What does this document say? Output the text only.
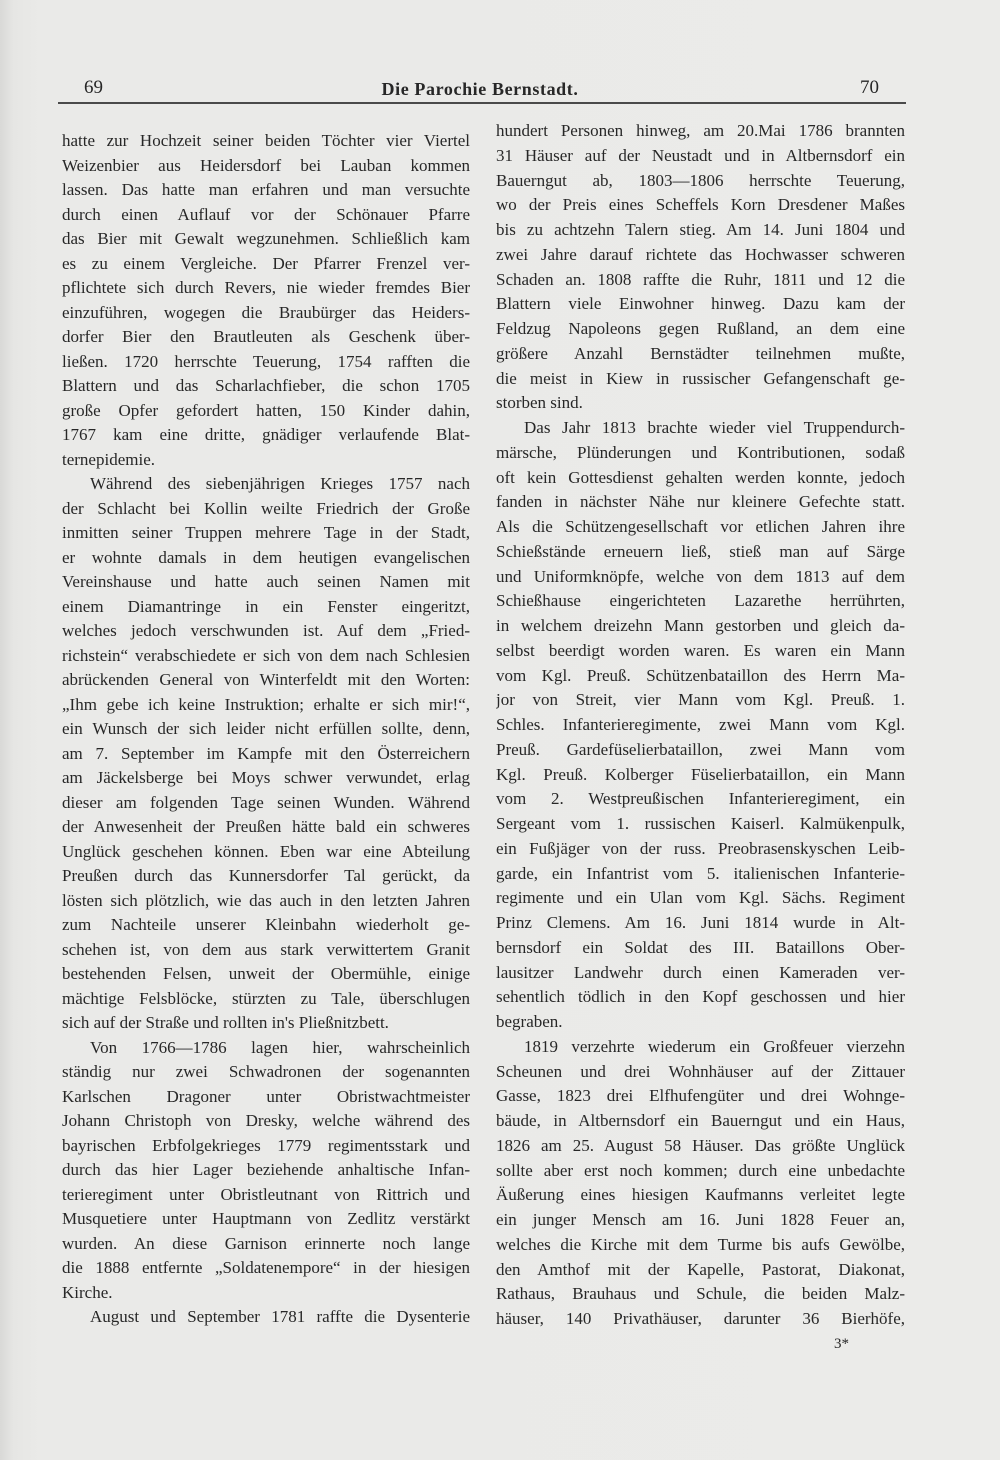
69	Die Parochie Bernstadt.	70
hatte zur Hochzeit seiner beiden Töchter vier Viertel
Weizenbier aus Heidersdorf bei Lauban kommen
lassen. Das hatte man erfahren und man versuchte
durch einen Auflauf vor der Schönauer Pfarre
das Bier mit Gewalt wegzunehmen. Schließlich kam
es zu einem Vergleiche. Der Pfarrer Frenzel ver-
pflichtete sich durch Revers, nie wieder fremdes Bier
einzuführen, wogegen die Braubürger das Heiders-
dorfer Bier den Brautleuten als Geschenk über-
ließen. 1720 herrschte Teuerung, 1754 rafften die
Blattern und das Scharlachfieber, die schon 1705
große Opfer gefordert hatten, 150 Kinder dahin,
1767 kam eine dritte, gnädiger verlaufende Blat-
ternepidemie.
Während des siebenjährigen Krieges 1757 nach
der Schlacht bei Kollin weilte Friedrich der Große
inmitten seiner Truppen mehrere Tage in der Stadt,
er wohnte damals in dem heutigen evangelischen
Vereinshause und hatte auch seinen Namen mit
einem Diamantringe in ein Fenster eingeritzt,
welches jedoch verschwunden ist. Auf dem „Fried-
richstein“ verabschiedete er sich von dem nach Schlesien
abrückenden General von Winterfeldt mit den Worten:
„Ihm gebe ich keine Instruktion; erhalte er sich mir!“,
ein Wunsch der sich leider nicht erfüllen sollte, denn,
am 7. September im Kampfe mit den Österreichern
am Jäckelsberge bei Moys schwer verwundet, erlag
dieser am folgenden Tage seinen Wunden. Während
der Anwesenheit der Preußen hätte bald ein schweres
Unglück geschehen können. Eben war eine Abteilung
Preußen durch das Kunnersdorfer Tal gerückt, da
lösten sich plötzlich, wie das auch in den letzten Jahren
zum Nachteile unserer Kleinbahn wiederholt ge-
schehen ist, von dem aus stark verwittertem Granit
bestehenden Felsen, unweit der Obermühle, einige
mächtige Felsblöcke, stürzten zu Tale, überschlugen
sich auf der Straße und rollten in's Pließnitzbett.
Von 1766—1786 lagen hier, wahrscheinlich
ständig nur zwei Schwadronen der sogenannten
Karlschen Dragoner unter Obristwachtmeister
Johann Christoph von Dresky, welche während des
bayrischen Erbfolgekrieges 1779 regimentsstark und
durch das hier Lager beziehende anhaltische Infan-
terieregiment unter Obristleutnant von Rittrich und
Musquetiere unter Hauptmann von Zedlitz verstärkt
wurden. An diese Garnison erinnerte noch lange
die 1888 entfernte „Soldatenempore“ in der hiesigen
Kirche.
August und September 1781 raffte die Dysenterie
hundert Personen hinweg, am 20.Mai 1786 brannten
31 Häuser auf der Neustadt und in Altbernsdorf ein
Bauerngut ab, 1803—1806 herrschte Teuerung,
wo der Preis eines Scheffels Korn Dresdener Maßes
bis zu achtzehn Talern stieg. Am 14. Juni 1804 und
zwei Jahre darauf richtete das Hochwasser schweren
Schaden an. 1808 raffte die Ruhr, 1811 und 12 die
Blattern viele Einwohner hinweg. Dazu kam der
Feldzug Napoleons gegen Rußland, an dem eine
größere Anzahl Bernstädter teilnehmen mußte,
die meist in Kiew in russischer Gefangenschaft ge-
storben sind.
Das Jahr 1813 brachte wieder viel Truppendurch-
märsche, Plünderungen und Kontributionen, sodaß
oft kein Gottesdienst gehalten werden konnte, jedoch
fanden in nächster Nähe nur kleinere Gefechte statt.
Als die Schützengesellschaft vor etlichen Jahren ihre
Schießstände erneuern ließ, stieß man auf Särge
und Uniformknöpfe, welche von dem 1813 auf dem
Schießhause eingerichteten Lazarethe herrührten,
in welchem dreizehn Mann gestorben und gleich da-
selbst beerdigt worden waren. Es waren ein Mann
vom Kgl. Preuß. Schützenbataillon des Herrn Ma-
jor von Streit, vier Mann vom Kgl. Preuß. 1.
Schles. Infanterieregimente, zwei Mann vom Kgl.
Preuß. Gardefüselierbataillon, zwei Mann vom
Kgl. Preuß. Kolberger Füselierbataillon, ein Mann
vom 2. Westpreußischen Infanterieregiment, ein
Sergeant vom 1. russischen Kaiserl. Kalmükenpulk,
ein Fußjäger von der russ. Preobrasenskyschen Leib-
garde, ein Infantrist vom 5. italienischen Infanterie-
regimente und ein Ulan vom Kgl. Sächs. Regiment
Prinz Clemens. Am 16. Juni 1814 wurde in Alt-
bernsdorf ein Soldat des III. Bataillons Ober-
lausitzer Landwehr durch einen Kameraden ver-
sehentlich tödlich in den Kopf geschossen und hier
begraben.
1819 verzehrte wiederum ein Großfeuer vierzehn
Scheunen und drei Wohnhäuser auf der Zittauer
Gasse, 1823 drei Elfhufengüter und drei Wohnge-
bäude, in Altbernsdorf ein Bauerngut und ein Haus,
1826 am 25. August 58 Häuser. Das größte Unglück
sollte aber erst noch kommen; durch eine unbedachte
Äußerung eines hiesigen Kaufmanns verleitet legte
ein junger Mensch am 16. Juni 1828 Feuer an,
welches die Kirche mit dem Turme bis aufs Gewölbe,
den Amthof mit der Kapelle, Pastorat, Diakonat,
Rathaus, Brauhaus und Schule, die beiden Malz-
häuser, 140 Privathäuser, darunter 36 Bierhöfe,
3*
